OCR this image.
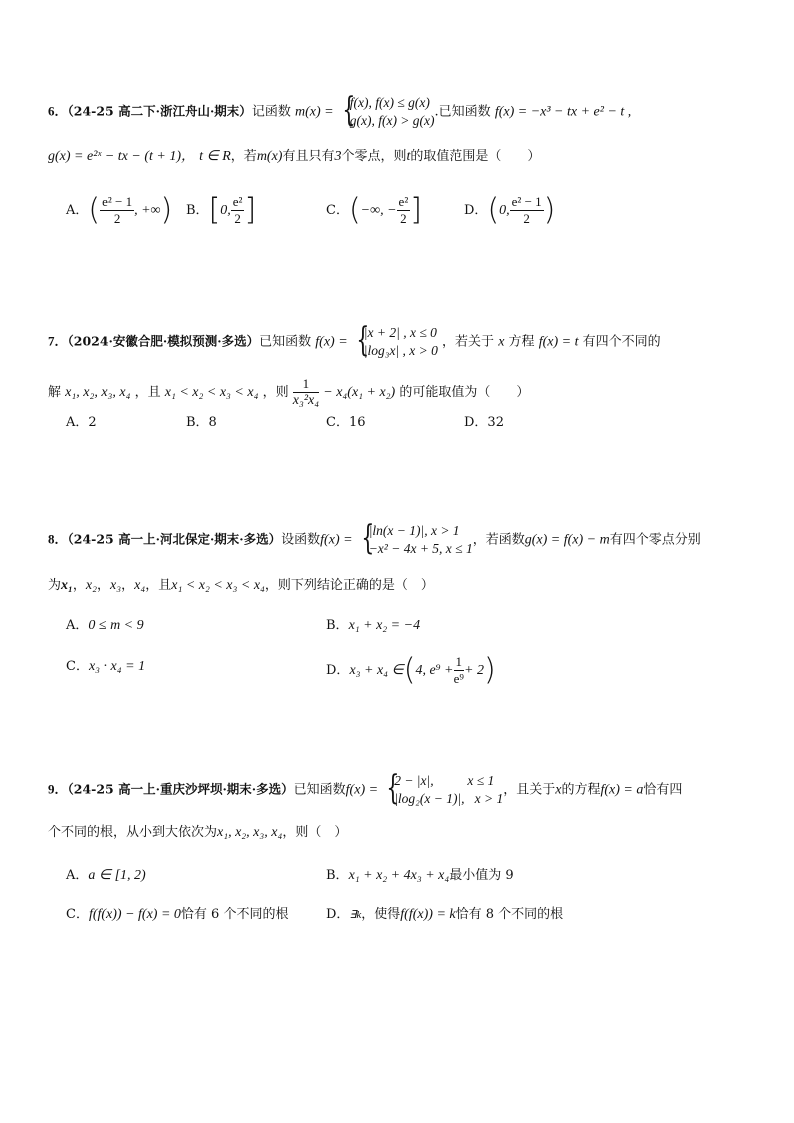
6．（24-25 高二下·浙江舟山·期末）记函数 m(x) = {
f(x), f(x) ≤ g(x)
g(x), f(x) > g(x)
.已知函数 f(x) = −x³ − tx + e² − t ,
g(x) = e²ˣ − tx − (t + 1)， t ∈ R，若m(x)有且只有3个零点，则t的取值范围是（　　）
A．( $\frac{\text{e² − 1}}{2}$ , +∞) B．[0, $\frac{\text{e²}}{2}$ ]	C．(−∞, − $\frac{\text{e²}}{2}$ ]	D．(0, $\frac{\text{e² − 1}}{2}$ )
7．（2024·安徽合肥·模拟预测·多选）已知函数 f(x) = {
|x + 2| , x ≤ 0
|log₃x| , x > 0
，若关于 x 方程 f(x) = t 有四个不同的
解 x₁, x₂, x₃, x₄ ，且 x₁ < x₂ < x₃ < x₄ ，则 $\frac{1}{\text{x₃²x₄}} - x_4(x_1 + x_2)$ 的可能取值为（　　）
A．2	B．8	C．16	D．32
8．（24-25 高一上·河北保定·期末·多选）设函数f(x) = {
|ln(x − 1)|, x > 1
−x² − 4x + 5, x ≤ 1
，若函数g(x) = f(x) − m有四个零点分别
为x₁，x₂，x₃，x₄，且x₁ < x₂ < x₃ < x₄，则下列结论正确的是（　）
A．0 ≤ m < 9	B．x₁ + x₂ = −4
C．x₃ · x₄ = 1	D．x₃ + x₄ ∈(4, $e^9 + \frac{1}{\text{e⁹}} + 2$)
9．（24-25 高一上·重庆沙坪坝·期末·多选）已知函数f(x) = {
2 − |x|,          x ≤ 1
|log₂(x − 1)|,   x > 1
，且关于x的方程f(x) = a恰有四
个不同的根，从小到大依次为x₁, x₂, x₃, x₄，则（　）
A．a ∈ [1, 2)	B．x₁ + x₂ + 4x₃ + x₄最小值为 9
C．f(f(x)) − f(x) = 0恰有 6 个不同的根	D．∃k，使得f(f(x)) = k恰有 8 个不同的根
